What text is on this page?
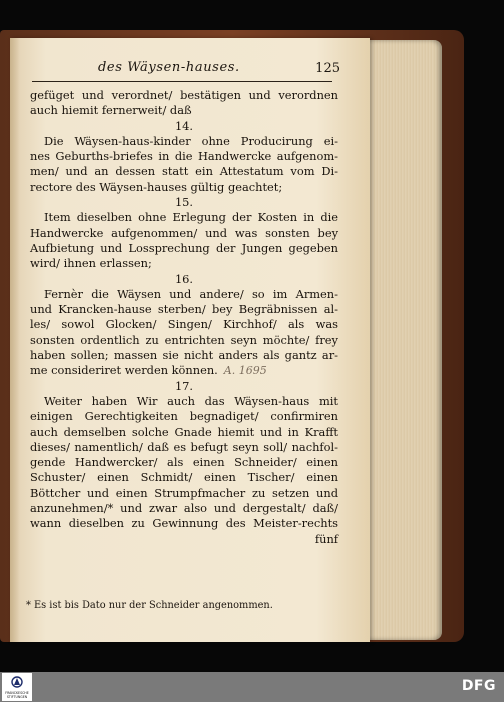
des Wäysen-hauses.	125
gefüget und verordnet/ bestätigen und verordnen
auch hiemit fernerweit/ daß
14.
Die Wäysen-haus-kinder ohne Producirung ei-
nes Geburths-briefes in die Handwercke aufgenom-
men/ und an dessen statt ein Attestatum vom Di-
rectore des Wäysen-hauses gültig geachtet;
15.
Item dieselben ohne Erlegung der Kosten in die
Handwercke aufgenommen/ und was sonsten bey
Aufbietung und Lossprechung der Jungen gegeben
wird/ ihnen erlassen;
16.
Fernèr die Wäysen und andere/ so im Armen-
und Krancken-hause sterben/ bey Begräbnissen al-
les/ sowol Glocken/ Singen/ Kirchhof/ als was
sonsten ordentlich zu entrichten seyn möchte/ frey
haben sollen; massen sie nicht anders als gantz ar-
me consideriret werden können. A. 1695
17.
Weiter haben Wir auch das Wäysen-haus mit
einigen Gerechtigkeiten begnadiget/ confirmiren
auch demselben solche Gnade hiemit und in Krafft
dieses/ namentlich/ daß es befugt seyn soll/ nachfol-
gende Handwercker/ als einen Schneider/ einen
Schuster/ einen Schmidt/ einen Tischer/ einen
Böttcher und einen Strumpfmacher zu setzen und
anzunehmen/* und zwar also und dergestalt/ daß/
wann dieselben zu Gewinnung des Meister-rechts
fünf
* Es ist bis Dato nur der Schneider angenommen.
FRANCKESCHE STIFTUNGEN
DFG
